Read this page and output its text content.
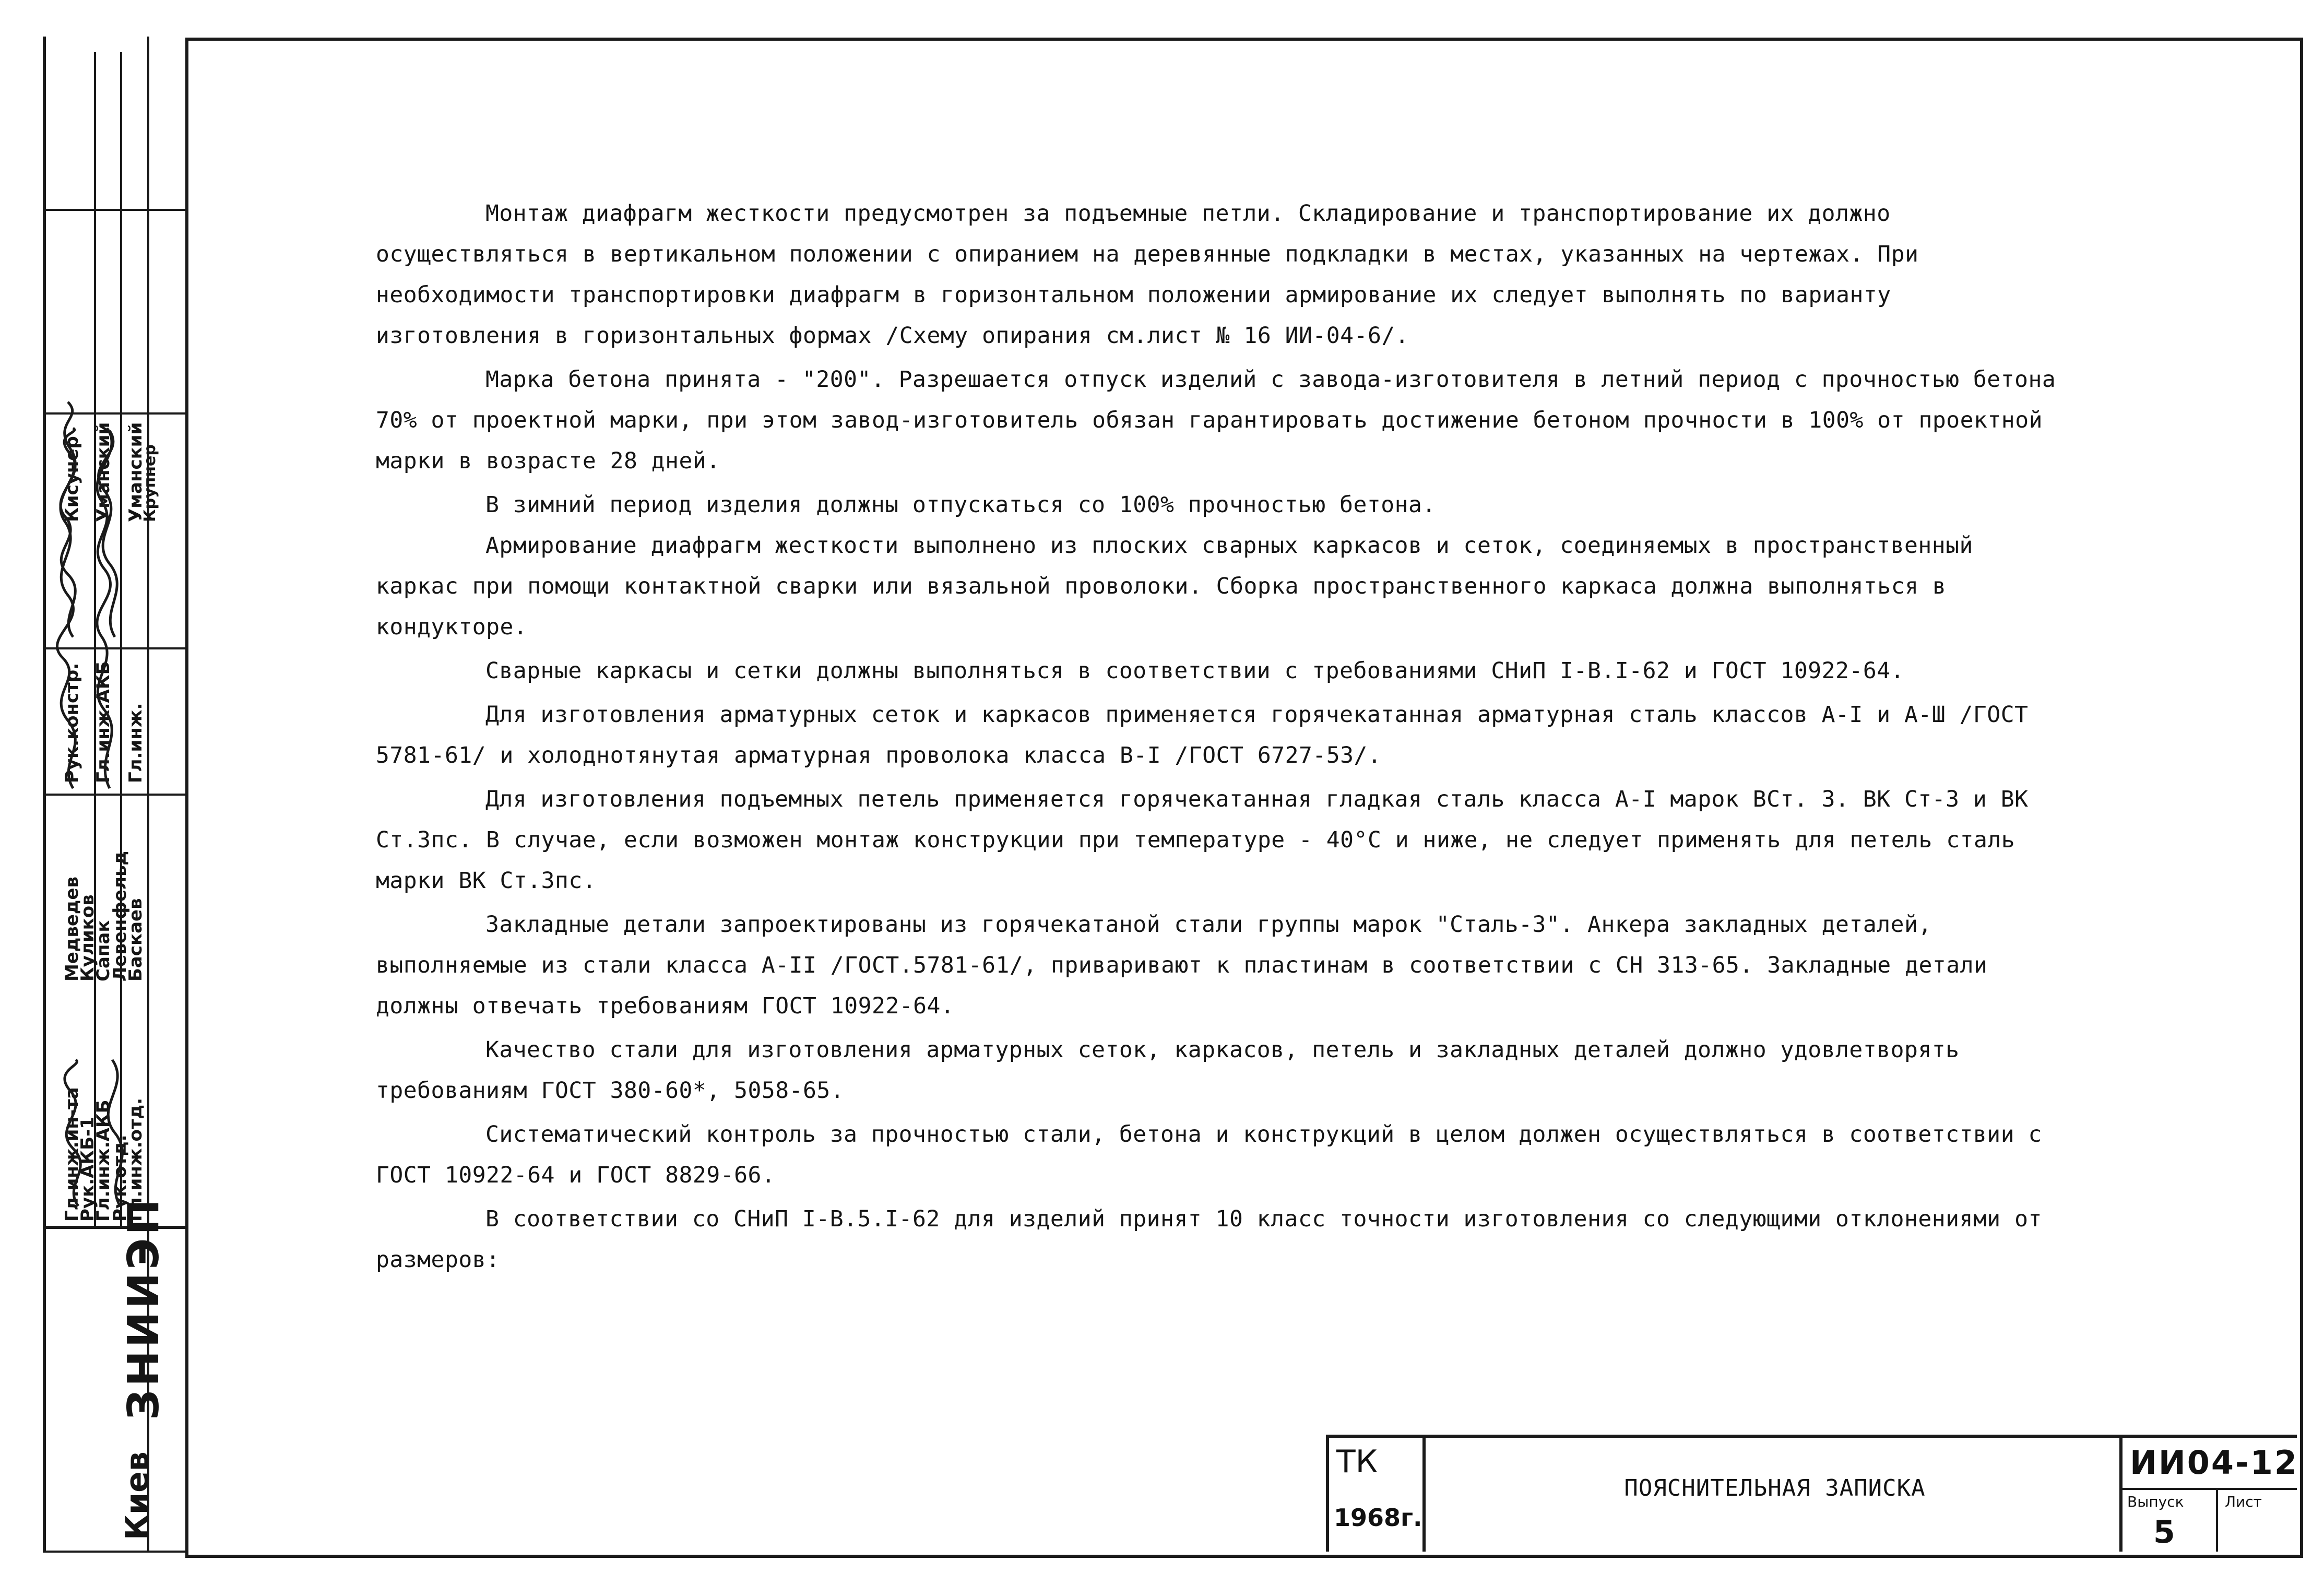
Киев
ЗНИИЭП
Гл.инж.ин-та
Рук.АКБ-1
Гл.инж.АКБ
Рук.отд.
Гл.инж.отд.
Рук.констр. Гл.инж.АКБ Гл.инж.
Медведев
Куликов
Сапак
Левенфельд
Баскаев
Кисунер Уманский Уманский
Крупнер

Монтаж диафрагм жесткости предусмотрен за подъемные петли. Складирование и транспортирование их должно осуществляться в вертикальном положении с опиранием на деревянные подкладки в местах, указанных на чертежах. При необходимости транспортировки диафрагм в горизонтальном положении армирование их следует выполнять по варианту изготовления в горизонтальных формах /Схему опирания см.лист № 16 ИИ-04-6/.

Марка бетона принята - "200". Разрешается отпуск изделий с завода-изготовителя в летний период с прочностью бетона 70% от проектной марки, при этом завод-изготовитель обязан гарантировать достижение бетоном прочности в 100% от проектной марки в возрасте 28 дней.

В зимний период изделия должны отпускаться со 100% прочностью бетона.

Армирование диафрагм жесткости выполнено из плоских сварных каркасов и сеток, соединяемых в пространственный каркас при помощи контактной сварки или вязальной проволоки. Сборка пространственного каркаса должна выполняться в кондукторе.

Сварные каркасы и сетки должны выполняться в соответствии с требованиями СНиП I-В.I-62 и ГОСТ 10922-64.

Для изготовления арматурных сеток и каркасов применяется горячекатанная арматурная сталь классов А-I и А-Ш /ГОСТ 5781-61/ и холоднотянутая арматурная проволока класса В-I /ГОСТ 6727-53/.

Для изготовления подъемных петель применяется горячекатанная гладкая сталь класса А-I марок ВСт. 3. ВК Ст-3 и ВК Ст.3пс. В случае, если возможен монтаж конструкции при температуре - 40°С и ниже, не следует применять для петель сталь марки ВК Ст.3пс.

Закладные детали запроектированы из горячекатаной стали группы марок "Сталь-3". Анкера закладных деталей, выполняемые из стали класса А-II /ГОСТ.5781-61/, приваривают к пластинам в соответствии с СН 313-65. Закладные детали должны отвечать требованиям ГОСТ 10922-64.

Качество стали для изготовления арматурных сеток, каркасов, петель и закладных деталей должно удовлетворять требованиям ГОСТ 380-60*, 5058-65.

Систематический контроль за прочностью стали, бетона и конструкций в целом должен осуществляться в соответствии с ГОСТ 10922-64 и ГОСТ 8829-66.

В соответствии со СНиП I-В.5.I-62 для изделий принят 10 класс точности изготовления со следующими отклонениями от размеров:

ТК
1968г.
ПОЯСНИТЕЛЬНАЯ ЗАПИСКА
ИИ04-12
Выпуск	Лист
5
